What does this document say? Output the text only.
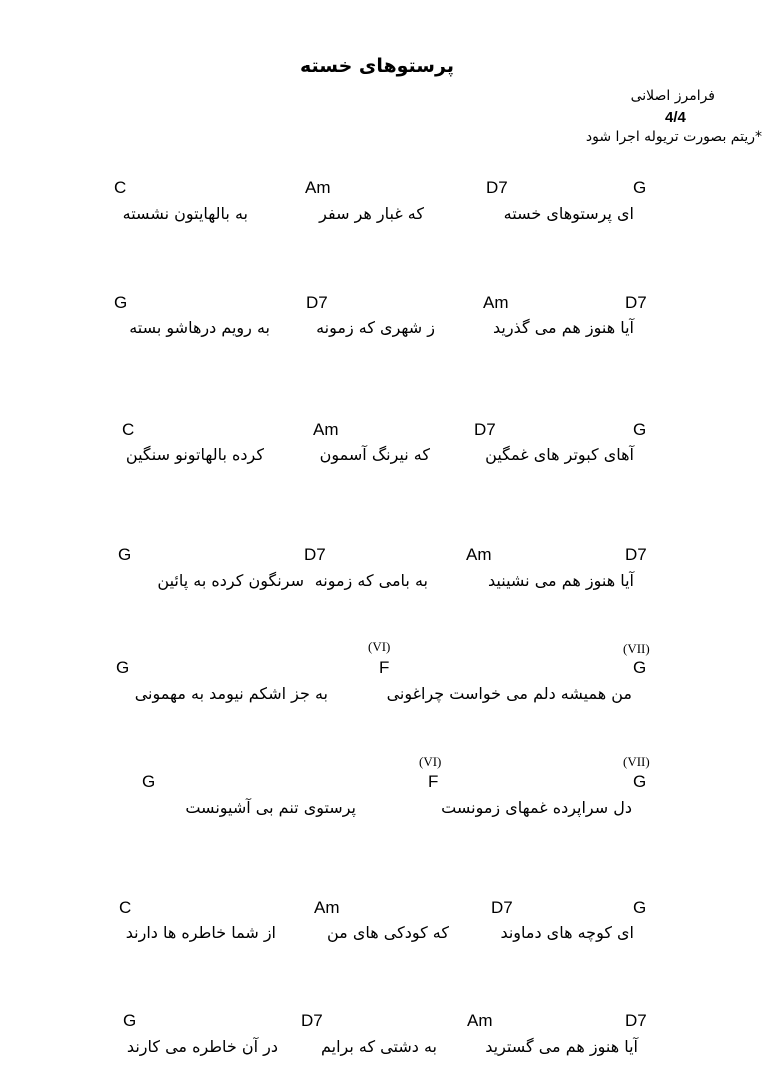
پرستوهای خسته
فرامرز اصلانی
4/4
*ریتم بصورت تریوله اجرا شود
G
D7
Am
C
ای پرستوهای خسته
که غبار هر سفر
به بالهایتون نشسته
D7
Am
D7
G
آیا هنوز هم می گذرید
ز شهری که زمونه
به رویم درهاشو بسته
G
D7
Am
C
آهای کبوتر های غمگین
که نیرنگ آسمون
کرده بالهاتونو سنگین
D7
Am
D7
G
آیا هنوز هم می نشینید
به بامی که زمونه
سرنگون کرده به پائین
(VII)
(VI)
G
F
G
من همیشه دلم می خواست چراغونی
به جز اشکم نیومد به مهمونی
(VII)
(VI)
G
F
G
دل سراپرده غمهای زمونست
پرستوی تنم بی آشیونست
G
D7
Am
C
ای کوچه های دماوند
که کودکی های من
از شما خاطره ها دارند
D7
Am
D7
G
آیا هنوز هم می گسترید
به دشتی که برایم
در آن خاطره می کارند
